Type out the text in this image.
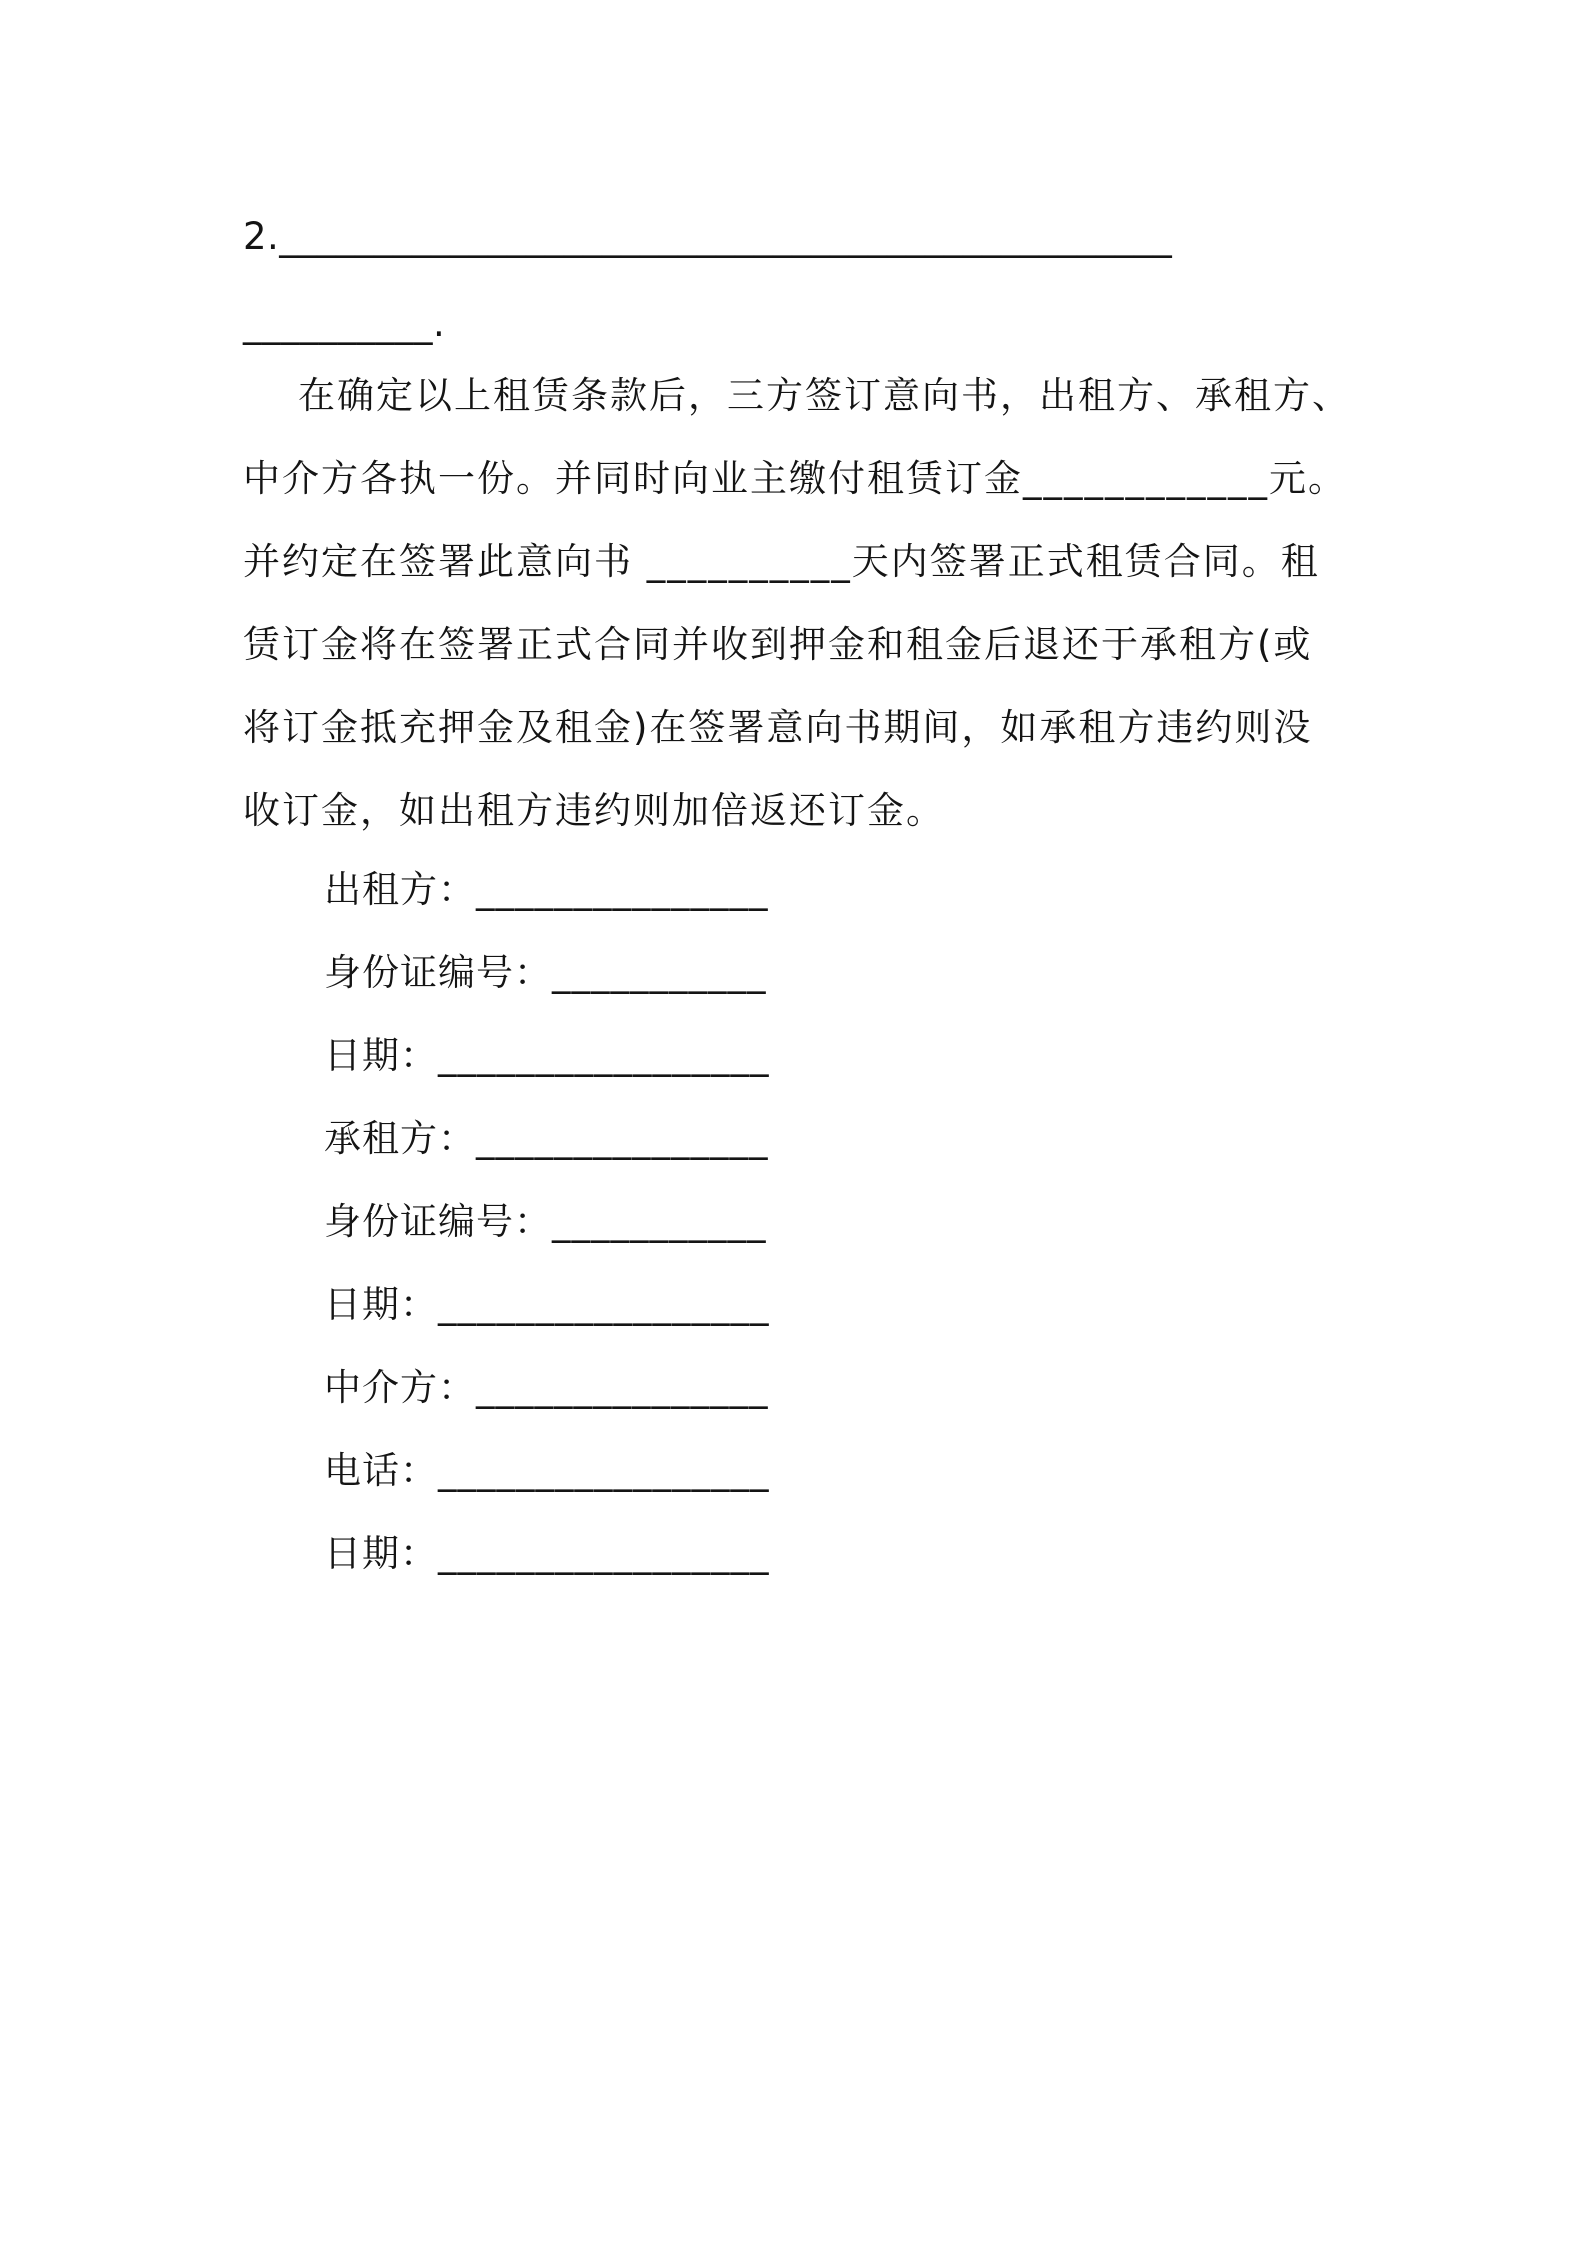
2._______________________________________________
__________.
在确定以上租赁条款后，三方签订意向书，出租方、承租方、
中介方各执一份。并同时向业主缴付租赁订金____________元。
并约定在签署此意向书 __________天内签署正式租赁合同。租
赁订金将在签署正式合同并收到押金和租金后退还于承租方(或
将订金抵充押金及租金)在签署意向书期间，如承租方违约则没
收订金，如出租方违约则加倍返还订金。
出租方：_______________
身份证编号：___________
日期：_________________
承租方：_______________
身份证编号：___________
日期：_________________
中介方：_______________
电话：_________________
日期：_________________
